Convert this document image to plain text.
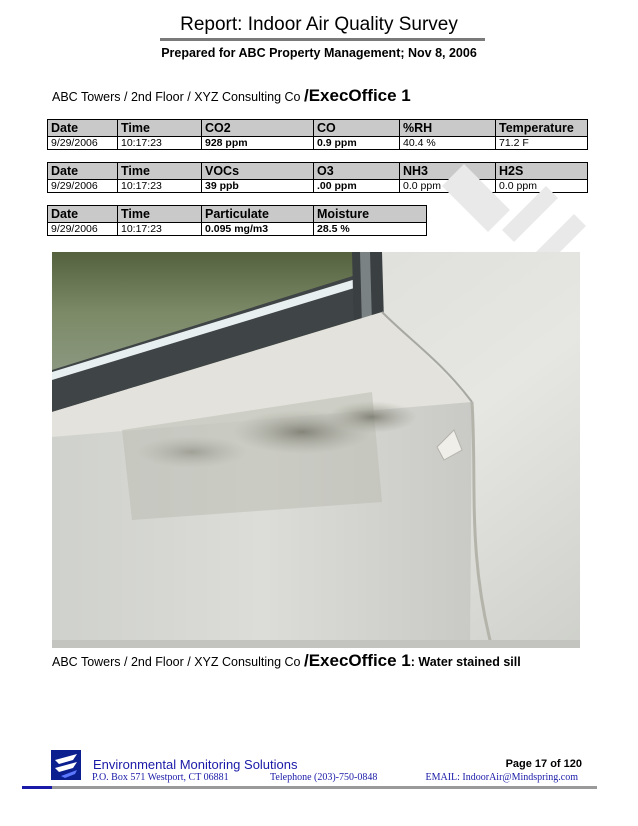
Report: Indoor Air Quality Survey
Prepared for ABC Property Management; Nov 8, 2006
ABC Towers / 2nd Floor / XYZ Consulting Co /ExecOffice 1
Date	Time	CO2	CO	%RH	Temperature
9/29/2006	10:17:23	928 ppm	0.9 ppm	40.4 %	71.2 F
Date	Time	VOCs	O3	NH3	H2S
9/29/2006	10:17:23	39 ppb	.00 ppm	0.0 ppm	0.0 ppm
Date	Time	Particulate	Moisture
9/29/2006	10:17:23	0.095 mg/m3	28.5 %
ABC Towers / 2nd Floor / XYZ Consulting Co /ExecOffice 1: Water stained sill
Environmental Monitoring Solutions	Page 17 of 120
P.O. Box 571 Westport, CT 06881	Telephone (203)-750-0848	EMAIL: IndoorAir@Mindspring.com
